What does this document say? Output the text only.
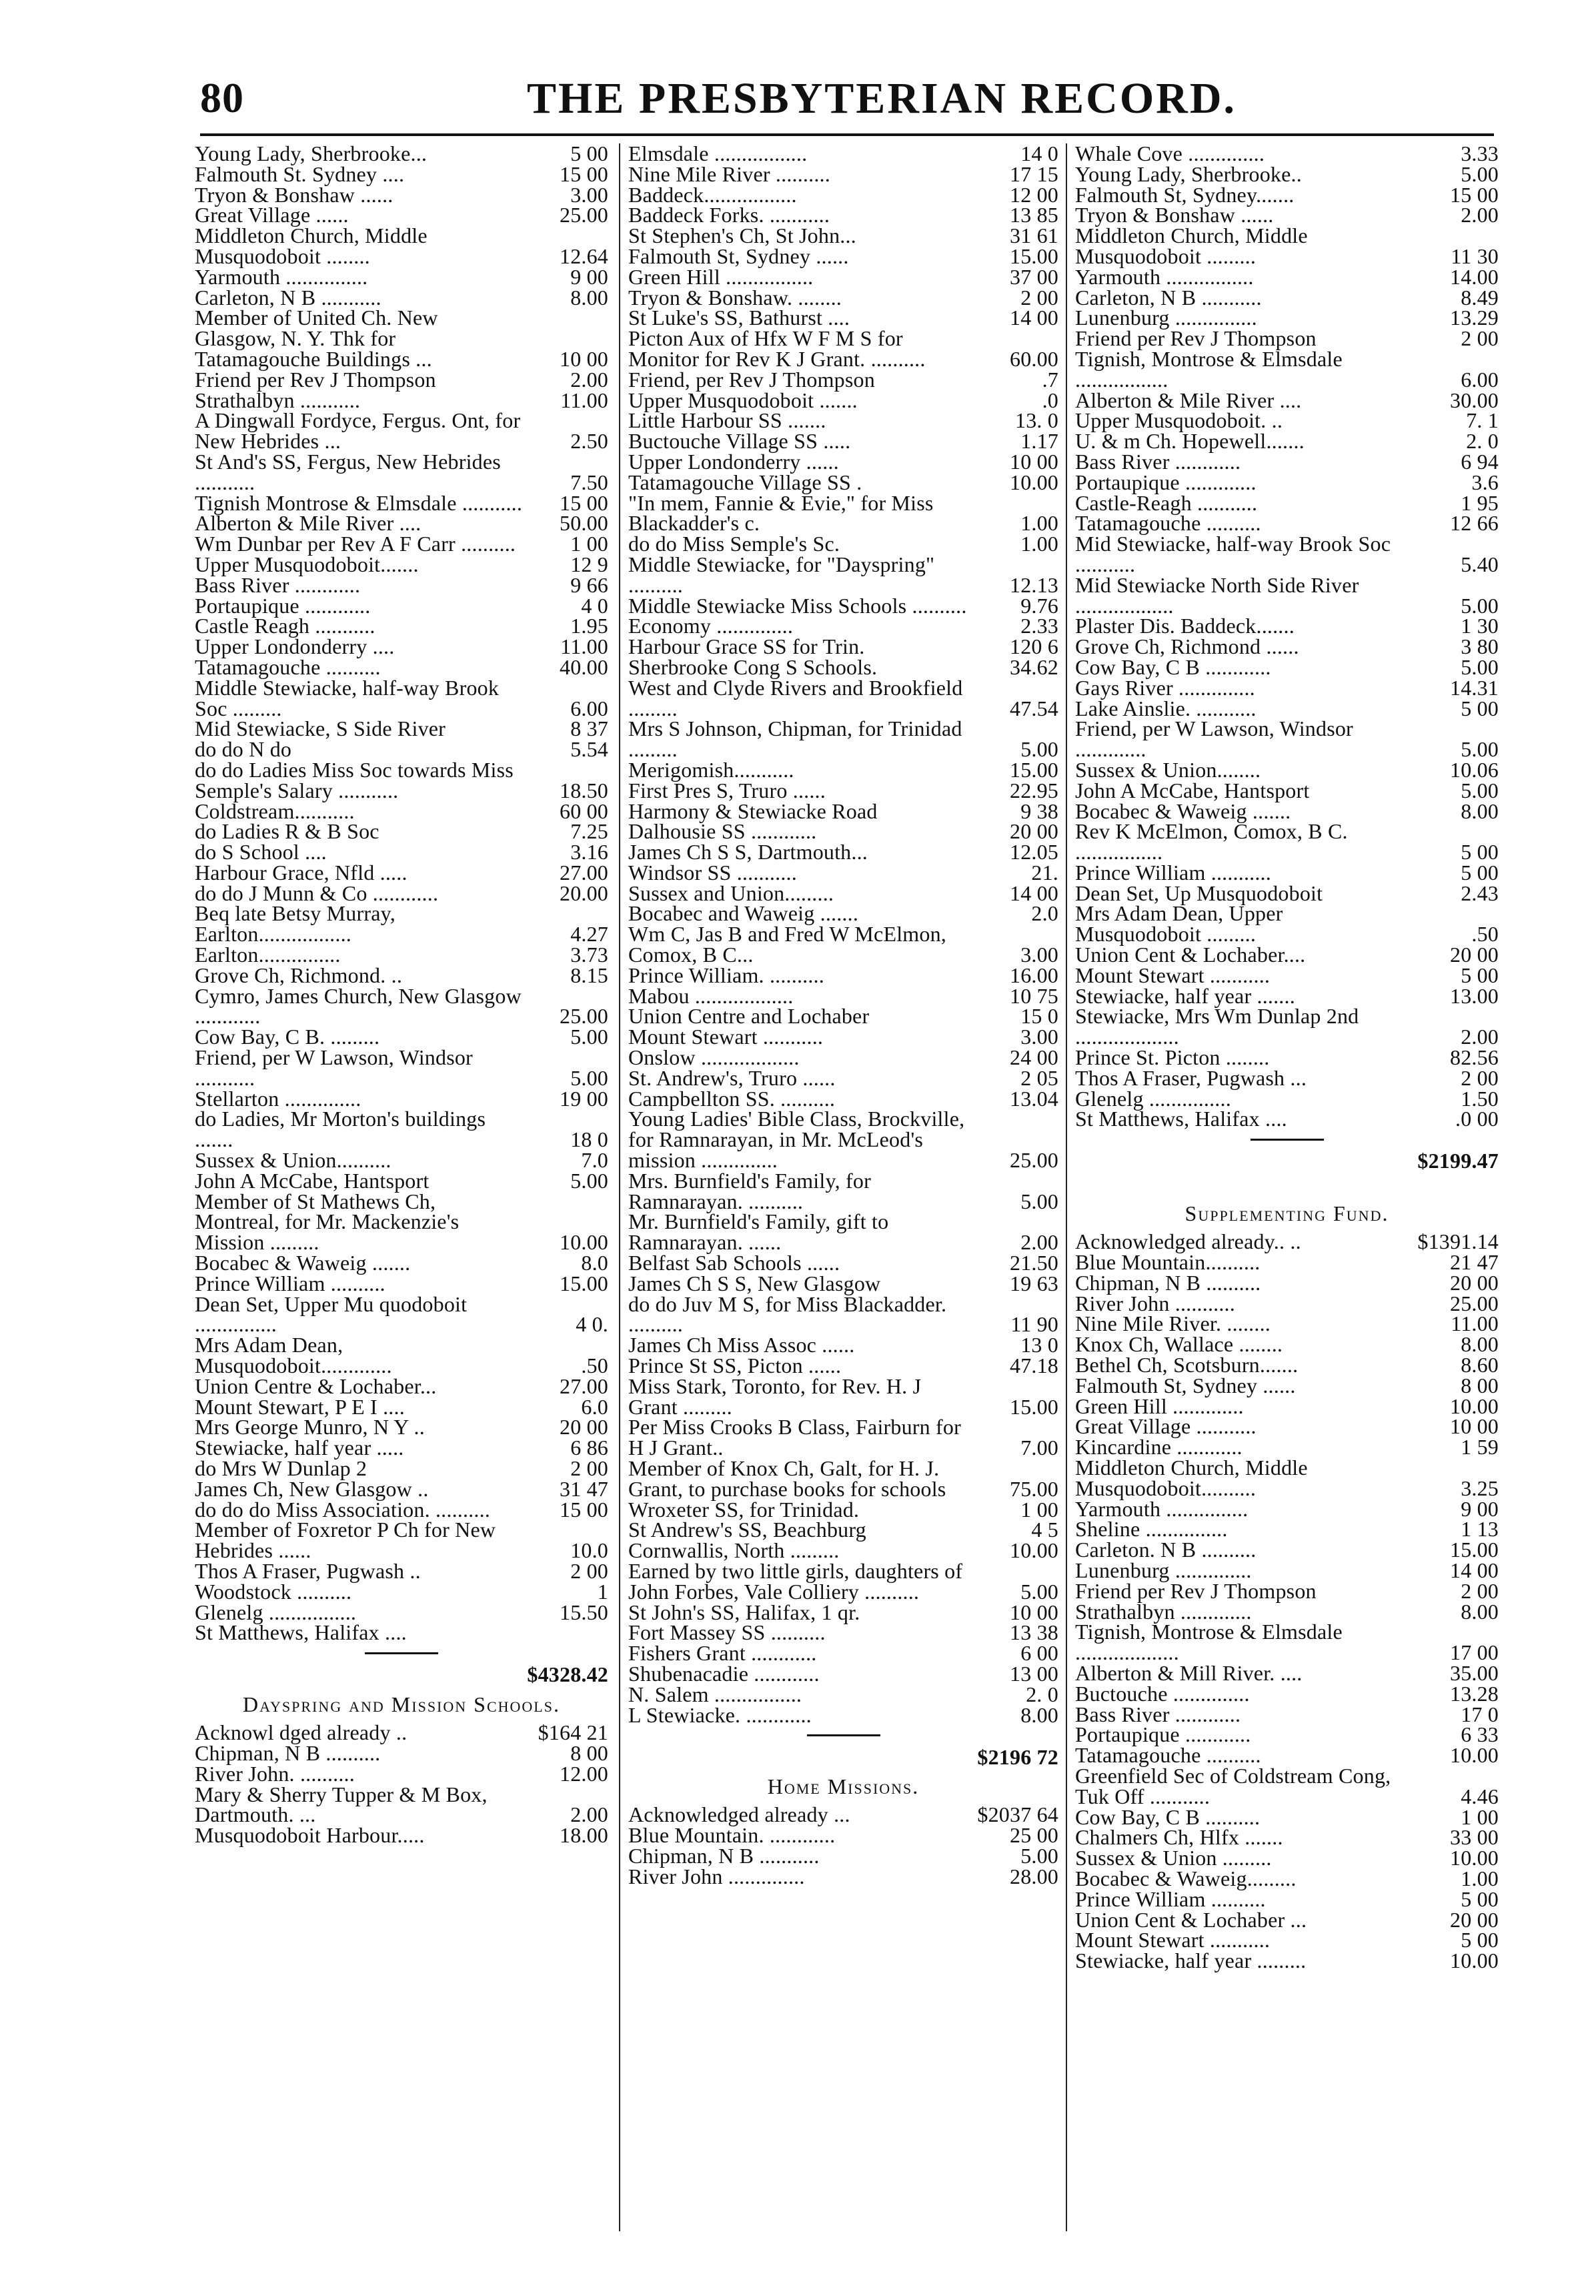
80	THE PRESBYTERIAN RECORD.
Young Lady, Sherbrooke...	5 00
Falmouth St. Sydney ....	15 00
Tryon & Bonshaw ......	3.00
Great Village ......	25.00
Middleton Church, Middle Musquodoboit ........	12.64
Yarmouth ...............	9 00
Carleton, N B ...........	8.00
Member of United Ch. New Glasgow, N. Y. Thk for Tatamagouche Buildings ...	10 00
Friend per Rev J Thompson	2.00
Strathalbyn ...........	11.00
A Dingwall Fordyce, Fergus. Ont, for New Hebrides ...	2.50
St And's SS, Fergus, New Hebrides ...........	7.50
Tignish Montrose & Elmsdale ...........	15 00
Alberton & Mile River ....	50.00
Wm Dunbar per Rev A F Carr ..........	1 00
Upper Musquodoboit.......	12 9
Bass River ............	9 66
Portaupique ............	4 0
Castle Reagh ...........	1.95
Upper Londonderry ....	11.00
Tatamagouche ..........	40.00
Middle Stewiacke, half-way Brook Soc .........	6.00
Mid Stewiacke, S Side River	8 37
do do N do	5.54
do do Ladies Miss Soc towards Miss Semple's Salary ...........	18.50
Coldstream...........	60 00
do Ladies R & B Soc	7.25
do S School ....	3.16
Harbour Grace, Nfld .....	27.00
do do J Munn & Co ............	20.00
Beq late Betsy Murray, Earlton.................	4.27
Earlton...............	3.73
Grove Ch, Richmond. ..	8.15
Cymro, James Church, New Glasgow ............	25.00
Cow Bay, C B. .........	5.00
Friend, per W Lawson, Windsor ...........	5.00
Stellarton ..............	19 00
do Ladies, Mr Morton's buildings .......	18 0
Sussex & Union..........	7.0
John A McCabe, Hantsport	5.00
Member of St Mathews Ch, Montreal, for Mr. Mackenzie's Mission .........	10.00
Bocabec & Waweig .......	8.0
Prince William ..........	15.00
Dean Set, Upper Mu quodoboit ...............	4 0.
Mrs Adam Dean, Musquodoboit.............	.50
Union Centre & Lochaber...	27.00
Mount Stewart, P E I ....	6.0
Mrs George Munro, N Y ..	20 00
Stewiacke, half year .....	6 86
do Mrs W Dunlap 2	2 00
James Ch, New Glasgow ..	31 47
do do do Miss Association. ..........	15 00
Member of Foxretor P Ch for New Hebrides ......	10.0
Thos A Fraser, Pugwash ..	2 00
Woodstock ..........	1
Glenelg ................	15.50
St Matthews, Halifax ....
$4328.42
Dayspring and Mission Schools.
Acknowl dged already ..	$164 21
Chipman, N B ..........	8 00
River John. ..........	12.00
Mary & Sherry Tupper & M Box, Dartmouth. ...	2.00
Musquodoboit Harbour.....	18.00
Elmsdale .................	14 0
Nine Mile River ..........	17 15
Baddeck.................	12 00
Baddeck Forks. ...........	13 85
St Stephen's Ch, St John...	31 61
Falmouth St, Sydney ......	15.00
Green Hill ................	37 00
Tryon & Bonshaw. ........	2 00
St Luke's SS, Bathurst ....	14 00
Picton Aux of Hfx W F M S for Monitor for Rev K J Grant. ..........	60.00
Friend, per Rev J Thompson	.7
Upper Musquodoboit .......	.0
Little Harbour SS .......	13. 0
Buctouche Village SS .....	1.17
Upper Londonderry ......	10 00
Tatamagouche Village SS .	10.00
"In mem, Fannie & Evie," for Miss Blackadder's c.	1.00
do do Miss Semple's Sc.	1.00
Middle Stewiacke, for "Dayspring" ..........	12.13
Middle Stewiacke Miss Schools ..........	9.76
Economy ..............	2.33
Harbour Grace SS for Trin.	120 6
Sherbrooke Cong S Schools.	34.62
West and Clyde Rivers and Brookfield .........	47.54
Mrs S Johnson, Chipman, for Trinidad .........	5.00
Merigomish...........	15.00
First Pres S, Truro ......	22.95
Harmony & Stewiacke Road	9 38
Dalhousie SS ............	20 00
James Ch S S, Dartmouth...	12.05
Windsor SS ...........	21.
Sussex and Union.........	14 00
Bocabec and Waweig .......	2.0
Wm C, Jas B and Fred W McElmon, Comox, B C...	3.00
Prince William. ..........	16.00
Mabou ..................	10 75
Union Centre and Lochaber	15 0
Mount Stewart ...........	3.00
Onslow ..................	24 00
St. Andrew's, Truro ......	2 05
Campbellton SS. ..........	13.04
Young Ladies' Bible Class, Brockville, for Ramnarayan, in Mr. McLeod's mission ..............	25.00
Mrs. Burnfield's Family, for Ramnarayan. ..........	5.00
Mr. Burnfield's Family, gift to Ramnarayan. ......	2.00
Belfast Sab Schools ......	21.50
James Ch S S, New Glasgow	19 63
do do Juv M S, for Miss Blackadder. ..........	11 90
James Ch Miss Assoc ......	13 0
Prince St SS, Picton ......	47.18
Miss Stark, Toronto, for Rev. H. J Grant .........	15.00
Per Miss Crooks B Class, Fairburn for H J Grant..	7.00
Member of Knox Ch, Galt, for H. J. Grant, to purchase books for schools	75.00
Wroxeter SS, for Trinidad.	1 00
St Andrew's SS, Beachburg	4 5
Cornwallis, North .........	10.00
Earned by two little girls, daughters of John Forbes, Vale Colliery ..........	5.00
St John's SS, Halifax, 1 qr.	10 00
Fort Massey SS ..........	13 38
Fishers Grant ............	6 00
Shubenacadie ............	13 00
N. Salem ................	2. 0
L Stewiacke. ............	8.00
$2196 72
Home Missions.
Acknowledged already ...	$2037 64
Blue Mountain. ............	25 00
Chipman, N B ...........	5.00
River John ..............	28.00
Whale Cove ..............	3.33
Young Lady, Sherbrooke..	5.00
Falmouth St, Sydney.......	15 00
Tryon & Bonshaw ......	2.00
Middleton Church, Middle Musquodoboit .........	11 30
Yarmouth ................	14.00
Carleton, N B ...........	8.49
Lunenburg ...............	13.29
Friend per Rev J Thompson	2 00
Tignish, Montrose & Elmsdale .................	6.00
Alberton & Mile River ....	30.00
Upper Musquodoboit. ..	7. 1
U. & m Ch. Hopewell.......	2. 0
Bass River ............	6 94
Portaupique .............	3.6
Castle-Reagh ...........	1 95
Tatamagouche ..........	12 66
Mid Stewiacke, half-way Brook Soc ...........	5.40
Mid Stewiacke North Side River ..................	5.00
Plaster Dis. Baddeck.......	1 30
Grove Ch, Richmond ......	3 80
Cow Bay, C B ............	5.00
Gays River ..............	14.31
Lake Ainslie. ...........	5 00
Friend, per W Lawson, Windsor .............	5.00
Sussex & Union........	10.06
John A McCabe, Hantsport	5.00
Bocabec & Waweig .......	8.00
Rev K McElmon, Comox, B C. ................	5 00
Prince William ...........	5 00
Dean Set, Up Musquodoboit	2.43
Mrs Adam Dean, Upper Musquodoboit .........	.50
Union Cent & Lochaber....	20 00
Mount Stewart ...........	5 00
Stewiacke, half year .......	13.00
Stewiacke, Mrs Wm Dunlap 2nd ...................	2.00
Prince St. Picton ........	82.56
Thos A Fraser, Pugwash ...	2 00
Glenelg ...............	1.50
St Matthews, Halifax ....	.0 00
$2199.47
Supplementing Fund.
Acknowledged already.. ..	$1391.14
Blue Mountain..........	21 47
Chipman, N B ..........	20 00
River John ...........	25.00
Nine Mile River. ........	11.00
Knox Ch, Wallace ........	8.00
Bethel Ch, Scotsburn.......	8.60
Falmouth St, Sydney ......	8 00
Green Hill .............	10.00
Great Village ...........	10 00
Kincardine ............	1 59
Middleton Church, Middle Musquodoboit..........	3.25
Yarmouth ...............	9 00
Sheline ...............	1 13
Carleton. N B ..........	15.00
Lunenburg ..............	14 00
Friend per Rev J Thompson	2 00
Strathalbyn .............	8.00
Tignish, Montrose & Elmsdale ...................	17 00
Alberton & Mill River. ....	35.00
Buctouche ..............	13.28
Bass River ............	17 0
Portaupique ............	6 33
Tatamagouche ..........	10.00
Greenfield Sec of Coldstream Cong, Tuk Off ...........	4.46
Cow Bay, C B ..........	1 00
Chalmers Ch, Hlfx .......	33 00
Sussex & Union .........	10.00
Bocabec & Waweig.........	1.00
Prince William ..........	5 00
Union Cent & Lochaber ...	20 00
Mount Stewart ...........	5 00
Stewiacke, half year .........	10.00
